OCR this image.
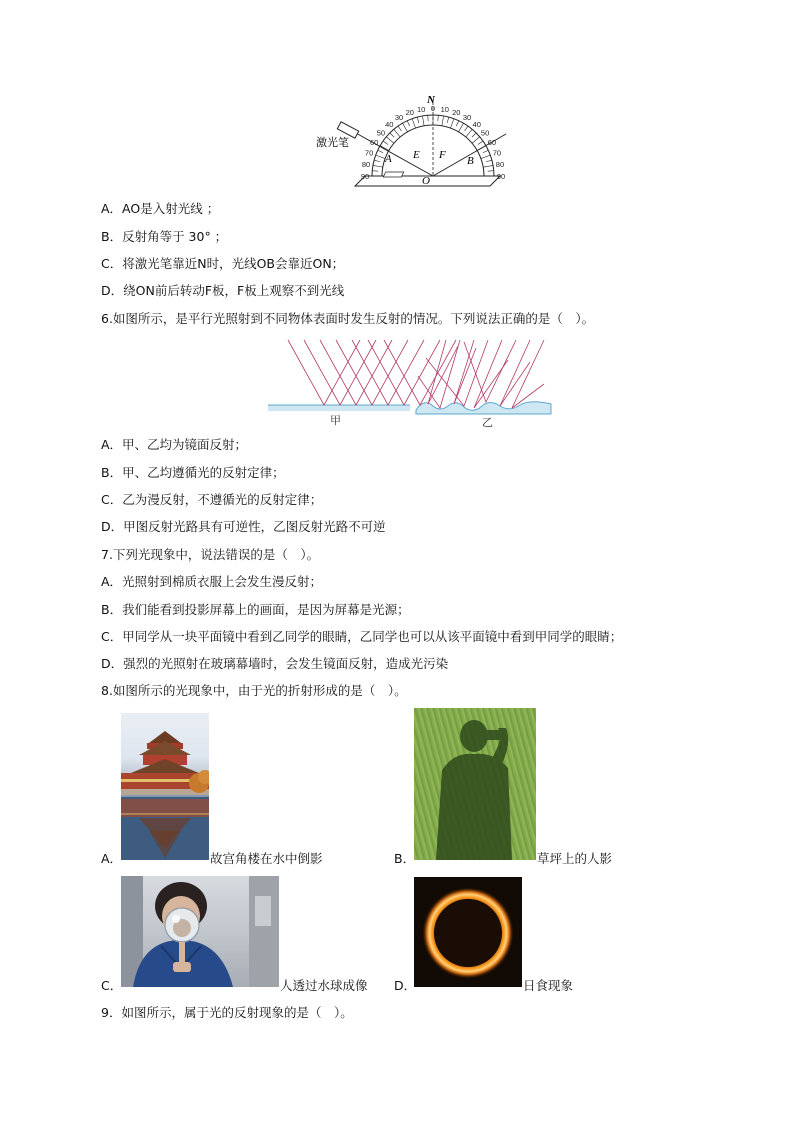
激光笔
N
A	B
E F
O
90
80
70
60
50
40
30
20 10 0 10 20
30
40
50
60
70
80
90
A．AO是入射光线 ；
B．反射角等于 30° ；
C．将激光笔靠近N时，光线OB会靠近ON；
D．绕ON前后转动F板，F板上观察不到光线
6.如图所示，是平行光照射到不同物体表面时发生反射的情况。下列说法正确的是（　）。
甲	乙
A．甲、乙均为镜面反射；
B．甲、乙均遵循光的反射定律；
C．乙为漫反射，不遵循光的反射定律；
D．甲图反射光路具有可逆性，乙图反射光路不可逆
7.下列光现象中，说法错误的是（　）。
A．光照射到棉质衣服上会发生漫反射；
B．我们能看到投影屏幕上的画面，是因为屏幕是光源；
C．甲同学从一块平面镜中看到乙同学的眼睛，乙同学也可以从该平面镜中看到甲同学的眼睛；
D．强烈的光照射在玻璃幕墙时，会发生镜面反射，造成光污染
8.如图所示的光现象中，由于光的折射形成的是（　）。
A．	故宫角楼在水中倒影	B．	草坪上的人影
C．	人透过水球成像 D．	日食现象
9．如图所示，属于光的反射现象的是（　）。
